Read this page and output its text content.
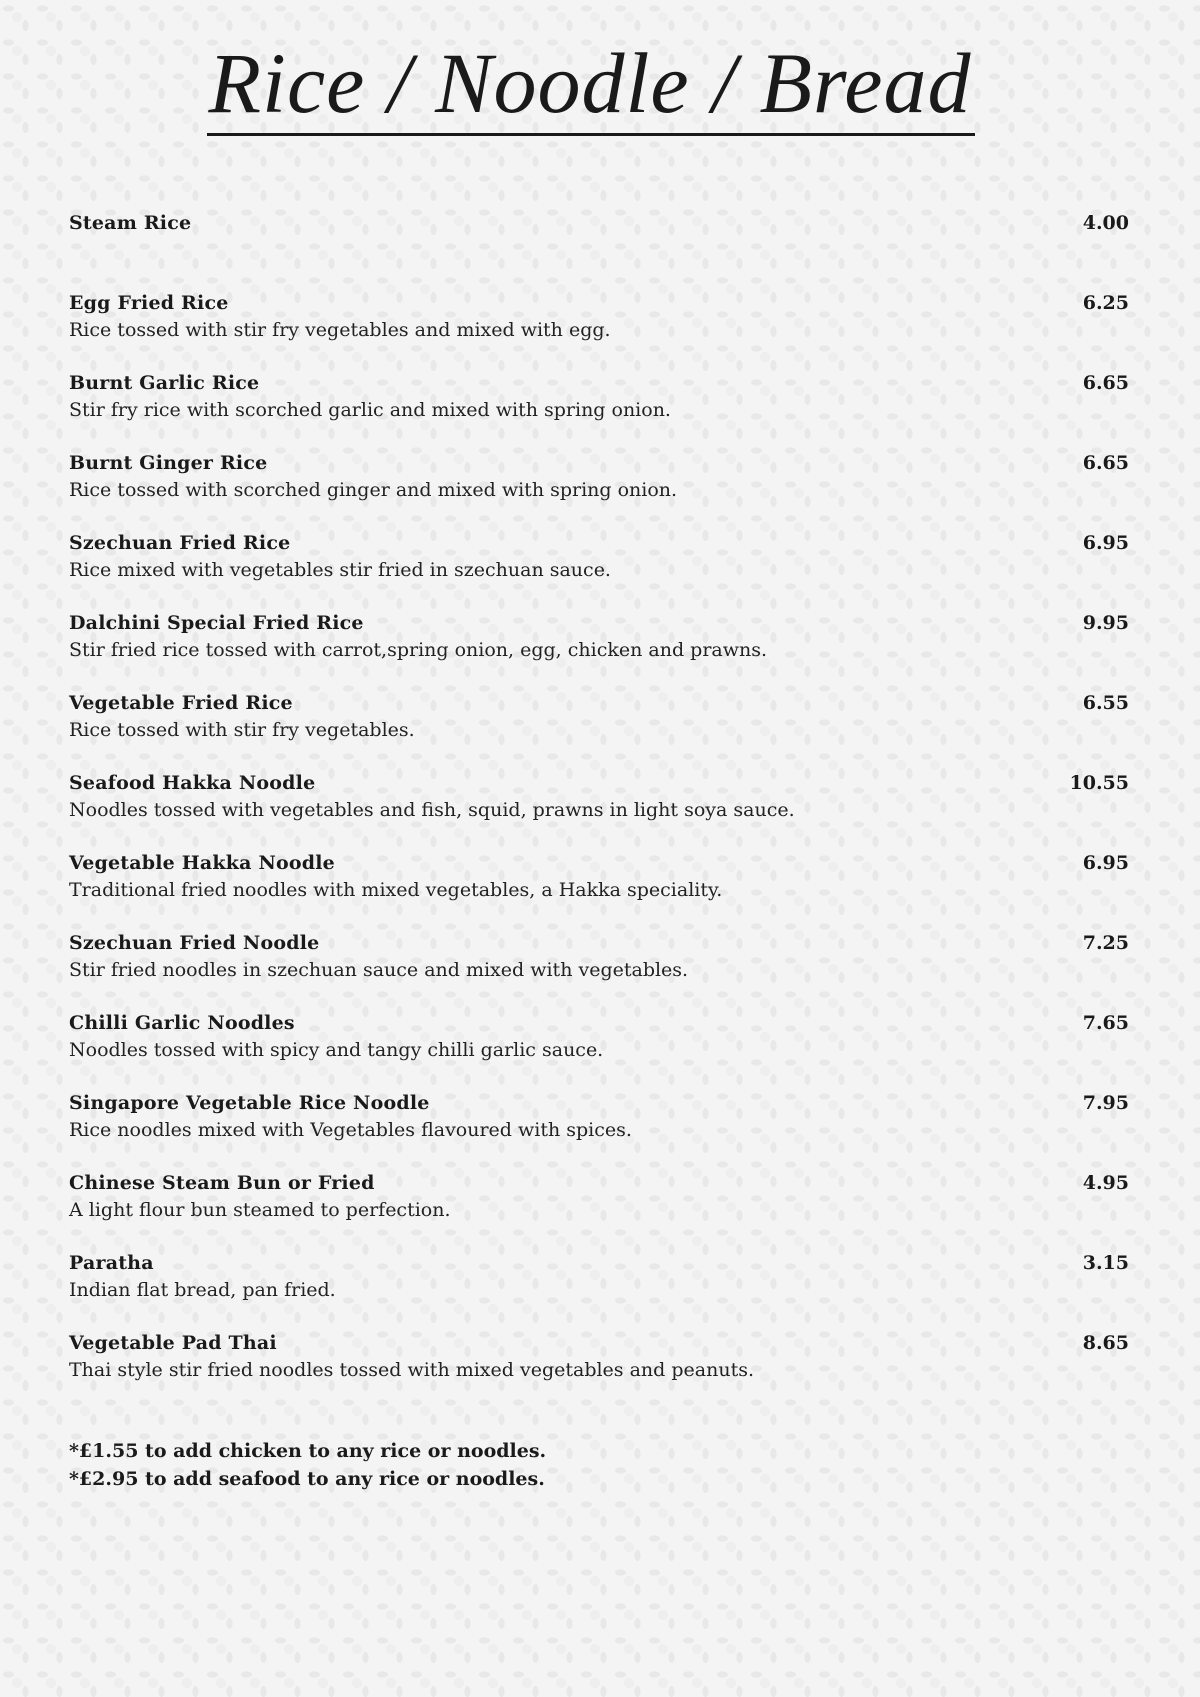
Rice / Noodle / Bread
Steam Rice	4.00
Egg Fried Rice
Rice tossed with stir fry vegetables and mixed with egg.
6.25
Burnt Garlic Rice
Stir fry rice with scorched garlic and mixed with spring onion.
6.65
Burnt Ginger Rice
Rice tossed with scorched ginger and mixed with spring onion.
6.65
Szechuan Fried Rice
Rice mixed with vegetables stir fried in szechuan sauce.
6.95
Dalchini Special Fried Rice
Stir fried rice tossed with carrot,spring onion, egg, chicken and prawns.
9.95
Vegetable Fried Rice
Rice tossed with stir fry vegetables.
6.55
Seafood Hakka Noodle
Noodles tossed with vegetables and fish, squid, prawns in light soya sauce.
10.55
Vegetable Hakka Noodle
Traditional fried noodles with mixed vegetables, a Hakka speciality.
6.95
Szechuan Fried Noodle
Stir fried noodles in szechuan sauce and mixed with vegetables.
7.25
Chilli Garlic Noodles
Noodles tossed with spicy and tangy chilli garlic sauce.
7.65
Singapore Vegetable Rice Noodle
Rice noodles mixed with Vegetables flavoured with spices.
7.95
Chinese Steam Bun or Fried
A light flour bun steamed to perfection.
4.95
Paratha
Indian flat bread, pan fried.
3.15
Vegetable Pad Thai
Thai style stir fried noodles tossed with mixed vegetables and peanuts.
8.65
*£1.55 to add chicken to any rice or noodles.
*£2.95 to add seafood to any rice or noodles.
